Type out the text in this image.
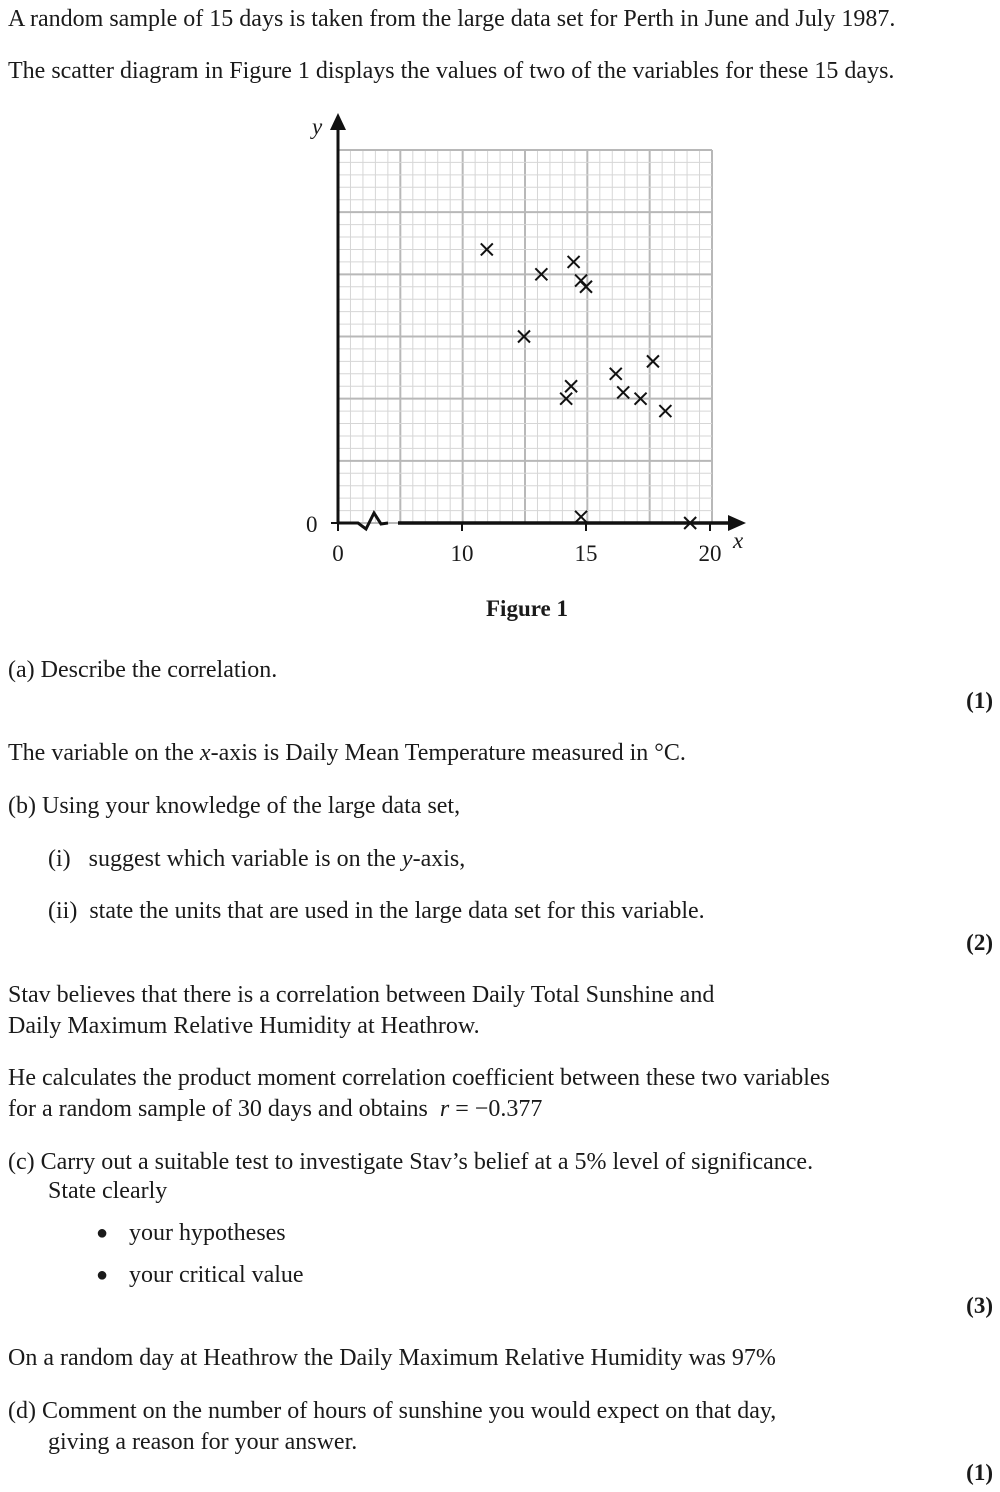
A random sample of 15 days is taken from the large data set for Perth in June and July 1987.
The scatter diagram in Figure 1 displays the values of two of the variables for these 15 days.
y
x
0
0	10	15	20
Figure 1
(a) Describe the correlation.
(1)
The variable on the x-axis is Daily Mean Temperature measured in °C.
(b) Using your knowledge of the large data set,
(i) suggest which variable is on the y-axis,
(ii) state the units that are used in the large data set for this variable.
(2)
Stav believes that there is a correlation between Daily Total Sunshine and
Daily Maximum Relative Humidity at Heathrow.
He calculates the product moment correlation coefficient between these two variables
for a random sample of 30 days and obtains  r = −0.377
(c) Carry out a suitable test to investigate Stav’s belief at a 5% level of significance.
State clearly
● your hypotheses
● your critical value
(3)
On a random day at Heathrow the Daily Maximum Relative Humidity was 97%
(d) Comment on the number of hours of sunshine you would expect on that day,
giving a reason for your answer.
(1)
